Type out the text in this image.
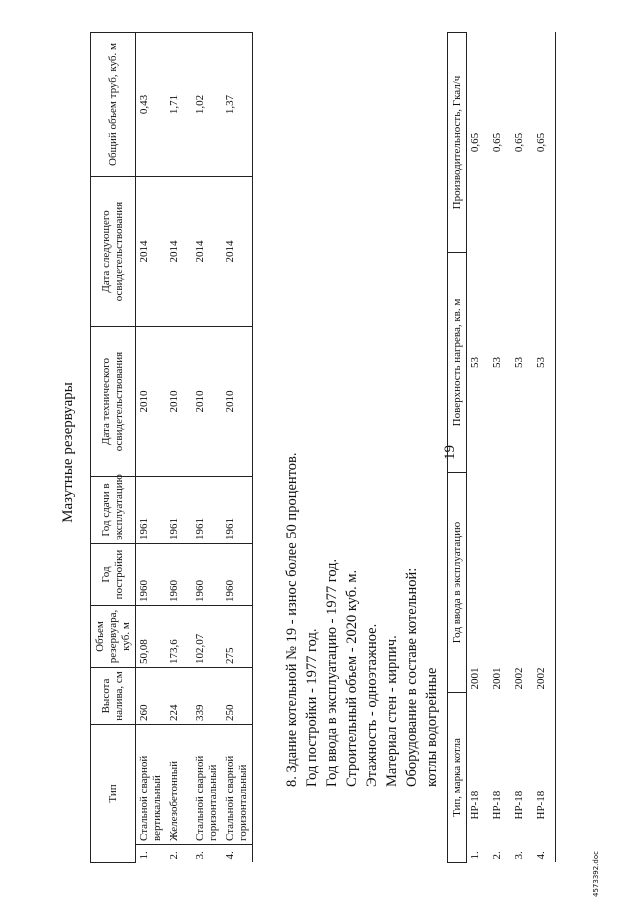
19
Мазутные резервуары
Тип		Высота налива, см	Объем резервуара, куб. м	Год постройки	Год сдачи в эксплуатацию	Дата технического освидетельствования	Дата следующего освидетельствования	Общий объем труб, куб. м
1.	Стальной сварной вертикальный	260	50,08	1960	1961	2010	2014	0,43
2.	Железобетонный	224	173,6	1960	1961	2010	2014	1,71
3.	Стальной сварной горизонтальный	339	102,07	1960	1961	2010	2014	1,02
4.	Стальной сварной горизонтальный	250	275	1960	1961	2010	2014	1,37
8. Здание котельной № 19 - износ более 50 процентов. Год постройки - 1977 год. Год ввода в эксплуатацию - 1977 год. Строительный объем - 2020 куб. м. Этажность - одноэтажное. Материал стен - кирпич. Оборудование в составе котельной: котлы водогрейные Тип, марка котла		Год ввода в эксплуатацию	Поверхность нагрева, кв. м	Производительность, Гкал/ч
1.	НР-18	2001	53	0,65
2.	НР-18	2001	53	0,65
3.	НР-18	2002	53	0,65
4.	НР-18	2002	53	0,65
4573392.doc
